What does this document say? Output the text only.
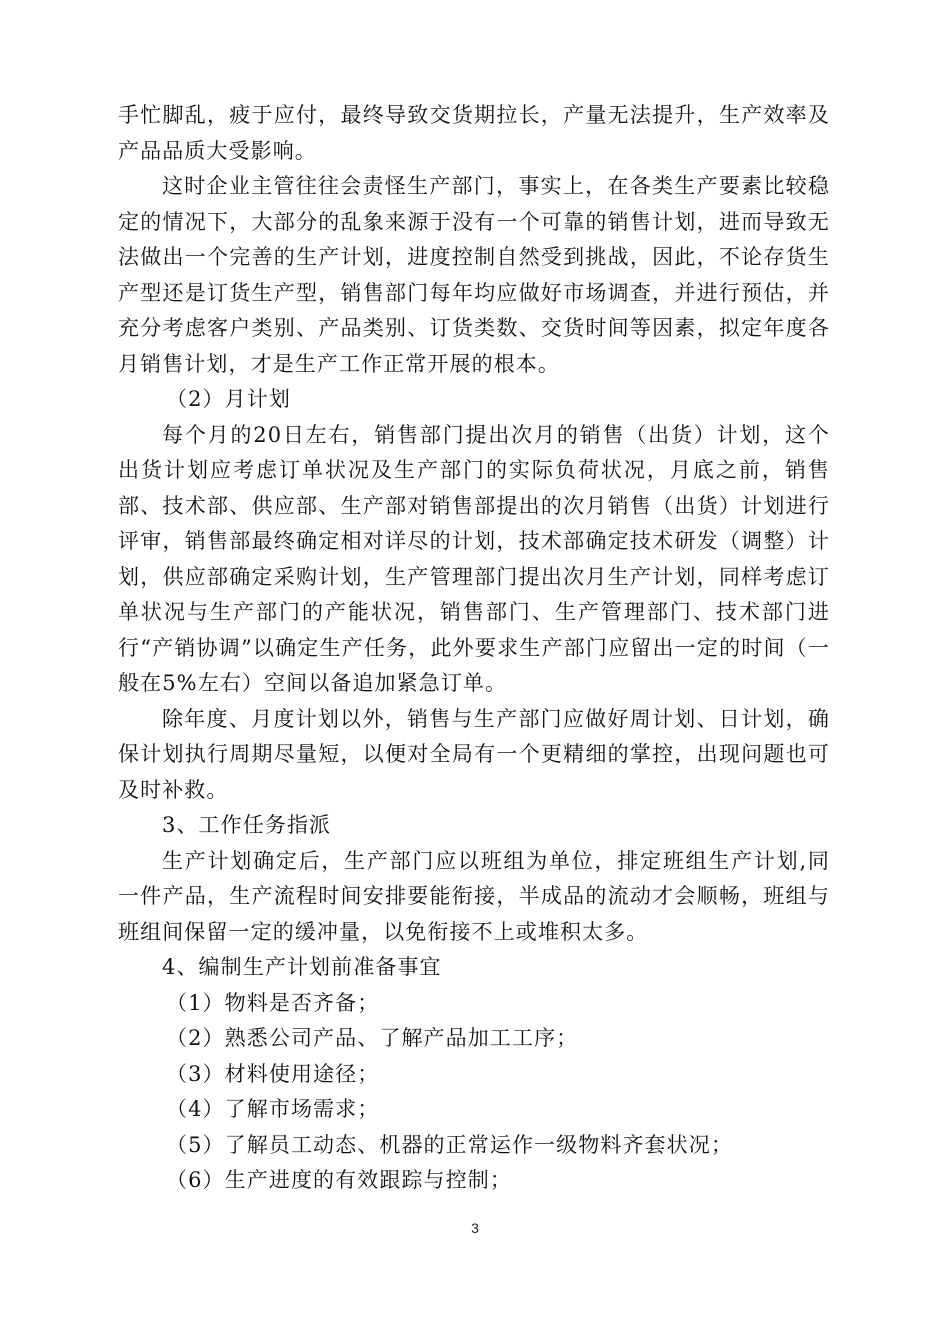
手忙脚乱，疲于应付，最终导致交货期拉长，产量无法提升，生产效率及产品品质大受影响。

这时企业主管往往会责怪生产部门，事实上，在各类生产要素比较稳定的情况下，大部分的乱象来源于没有一个可靠的销售计划，进而导致无法做出一个完善的生产计划，进度控制自然受到挑战，因此，不论存货生产型还是订货生产型，销售部门每年均应做好市场调查，并进行预估，并充分考虑客户类别、产品类别、订货类数、交货时间等因素，拟定年度各月销售计划，才是生产工作正常开展的根本。

（2）月计划

每个月的20日左右，销售部门提出次月的销售（出货）计划，这个出货计划应考虑订单状况及生产部门的实际负荷状况，月底之前，销售部、技术部、供应部、生产部对销售部提出的次月销售（出货）计划进行评审，销售部最终确定相对详尽的计划，技术部确定技术研发（调整）计划，供应部确定采购计划，生产管理部门提出次月生产计划，同样考虑订单状况与生产部门的产能状况，销售部门、生产管理部门、技术部门进行“产销协调”以确定生产任务，此外要求生产部门应留出一定的时间（一般在5%左右）空间以备追加紧急订单。

除年度、月度计划以外，销售与生产部门应做好周计划、日计划，确保计划执行周期尽量短，以便对全局有一个更精细的掌控，出现问题也可及时补救。

3、工作任务指派

生产计划确定后，生产部门应以班组为单位，排定班组生产计划,同一件产品，生产流程时间安排要能衔接，半成品的流动才会顺畅，班组与班组间保留一定的缓冲量，以免衔接不上或堆积太多。

4、编制生产计划前准备事宜

（1）物料是否齐备；

（2）熟悉公司产品、了解产品加工工序；

（3）材料使用途径；

（4）了解市场需求；

（5）了解员工动态、机器的正常运作一级物料齐套状况；

（6）生产进度的有效跟踪与控制；

3
